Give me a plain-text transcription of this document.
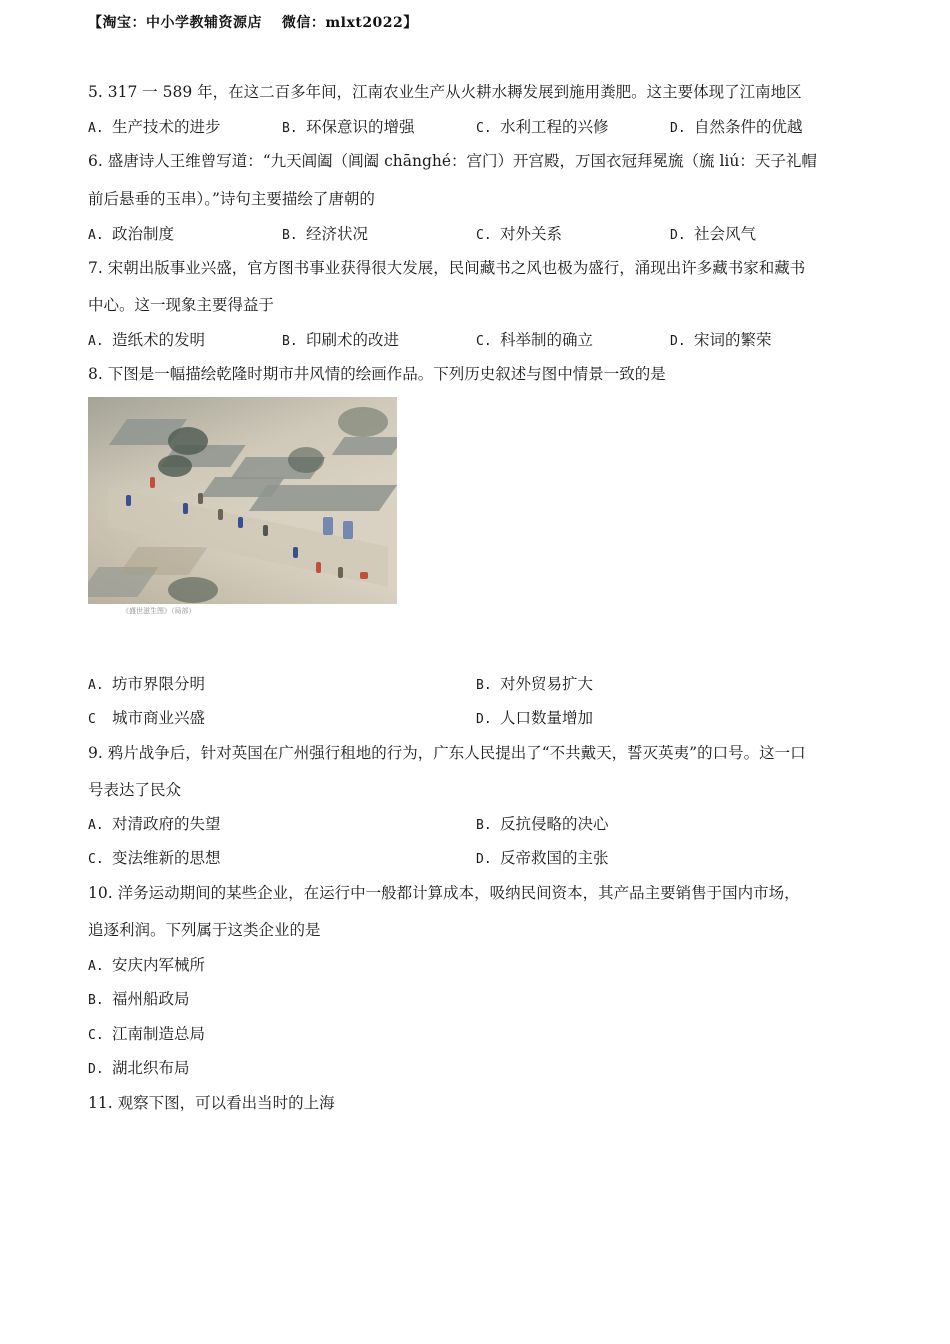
【淘宝：中小学教辅资源店　 微信：mlxt2022】
5. 317 一 589 年，在这二百多年间，江南农业生产从火耕水耨发展到施用粪肥。这主要体现了江南地区
A. 生产技术的进步	B. 环保意识的增强	C. 水利工程的兴修	D. 自然条件的优越
6. 盛唐诗人王维曾写道：“九天阊阖（阊阖 chānghé：宫门）开宫殿，万国衣冠拜冕旒（旒 liú：天子礼帽
前后悬垂的玉串）。”诗句主要描绘了唐朝的
A. 政治制度	B. 经济状况	C. 对外关系	D. 社会风气
7. 宋朝出版事业兴盛，官方图书事业获得很大发展，民间藏书之风也极为盛行，涌现出许多藏书家和藏书
中心。这一现象主要得益于
A. 造纸术的发明	B. 印刷术的改进	C. 科举制的确立	D. 宋词的繁荣
8. 下图是一幅描绘乾隆时期市井风情的绘画作品。下列历史叙述与图中情景一致的是
《盛世滋生图》（局部）
A. 坊市界限分明	B. 对外贸易扩大
C 城市商业兴盛	D. 人口数量增加
9. 鸦片战争后，针对英国在广州强行租地的行为，广东人民提出了“不共戴天，誓灭英夷”的口号。这一口
号表达了民众
A. 对清政府的失望	B. 反抗侵略的决心
C. 变法维新的思想	D. 反帝救国的主张
10. 洋务运动期间的某些企业，在运行中一般都计算成本，吸纳民间资本，其产品主要销售于国内市场，
追逐利润。下列属于这类企业的是
A. 安庆内军械所
B. 福州船政局
C. 江南制造总局
D. 湖北织布局
11. 观察下图，可以看出当时的上海
